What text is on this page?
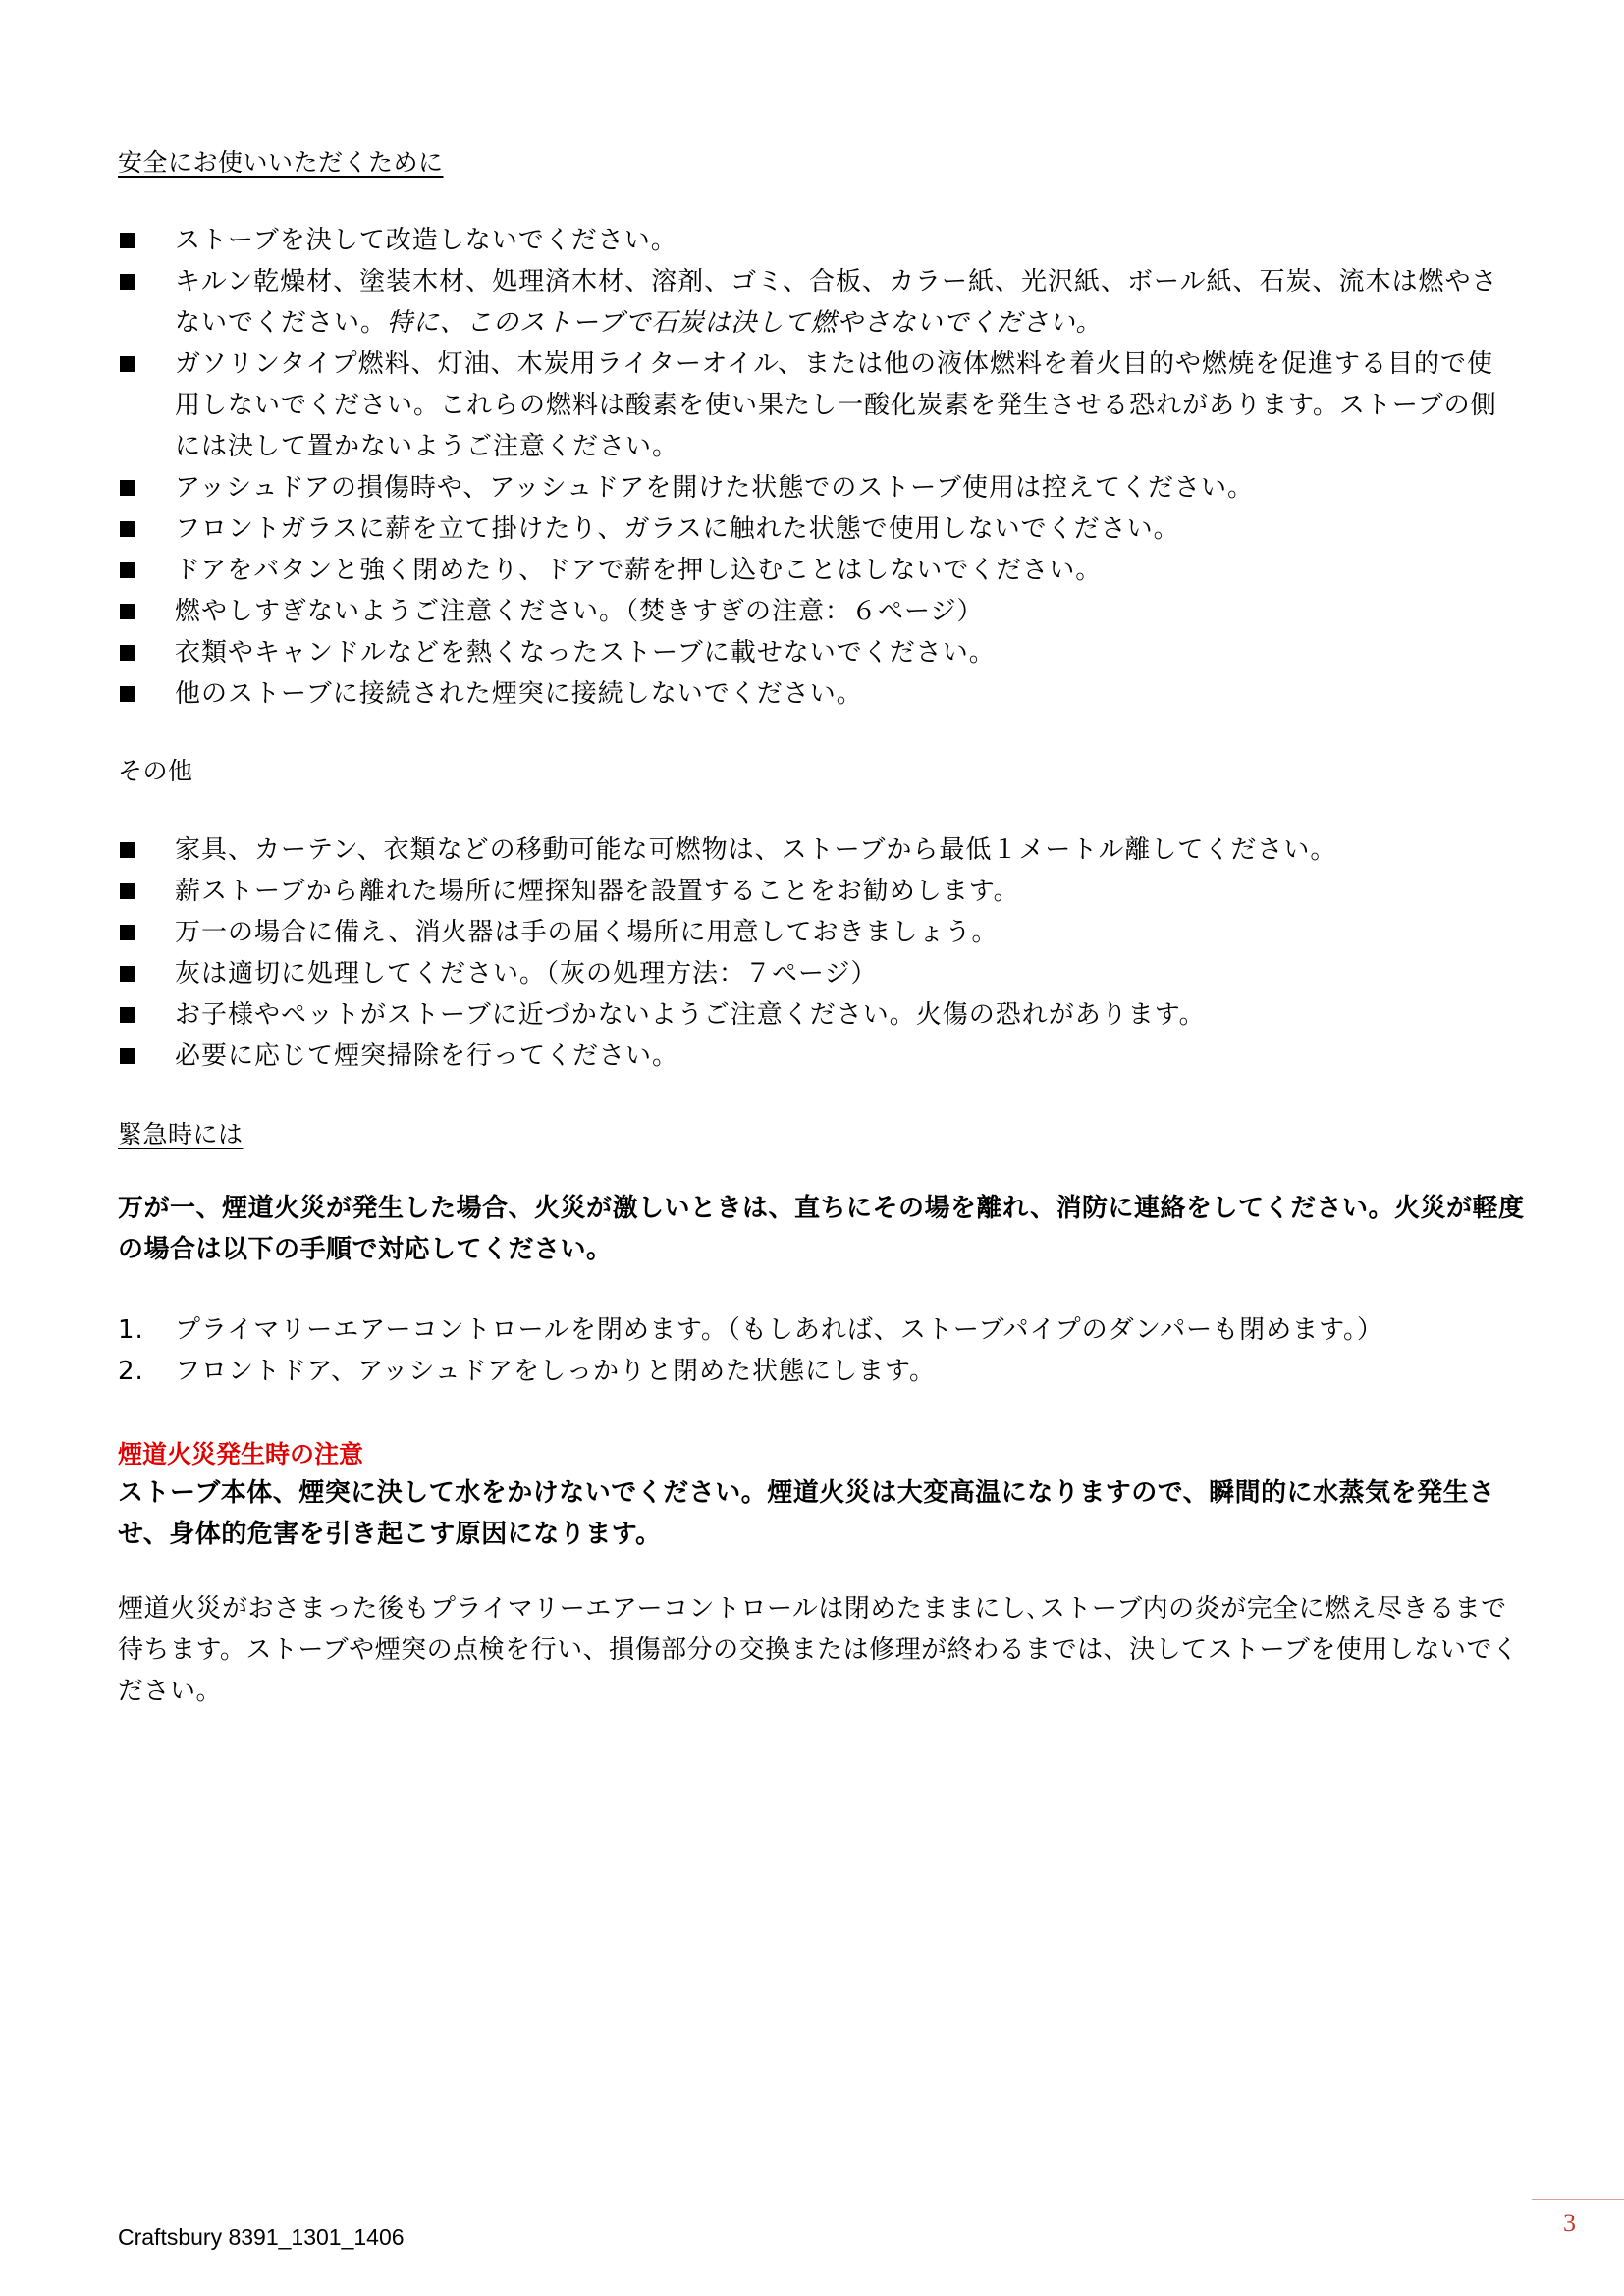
安全にお使いいただくために
ストーブを決して改造しないでください。
キルン乾燥材、塗装木材、処理済木材、溶剤、ゴミ、合板、カラー紙、光沢紙、ボール紙、石炭、流木は燃やさないでください。特に、このストーブで石炭は決して燃やさないでください。
ガソリンタイプ燃料、灯油、木炭用ライターオイル、または他の液体燃料を着火目的や燃焼を促進する目的で使用しないでください。これらの燃料は酸素を使い果たし一酸化炭素を発生させる恐れがあります。ストーブの側には決して置かないようご注意ください。
アッシュドアの損傷時や、アッシュドアを開けた状態でのストーブ使用は控えてください。
フロントガラスに薪を立て掛けたり、ガラスに触れた状態で使用しないでください。
ドアをバタンと強く閉めたり、ドアで薪を押し込むことはしないでください。
燃やしすぎないようご注意ください。（焚きすぎの注意：６ページ）
衣類やキャンドルなどを熱くなったストーブに載せないでください。
他のストーブに接続された煙突に接続しないでください。
その他
家具、カーテン、衣類などの移動可能な可燃物は、ストーブから最低１メートル離してください。
薪ストーブから離れた場所に煙探知器を設置することをお勧めします。
万一の場合に備え、消火器は手の届く場所に用意しておきましょう。
灰は適切に処理してください。（灰の処理方法：７ページ）
お子様やペットがストーブに近づかないようご注意ください。火傷の恐れがあります。
必要に応じて煙突掃除を行ってください。
緊急時には
万が一、煙道火災が発生した場合、火災が激しいときは、直ちにその場を離れ、消防に連絡をしてください。火災が軽度の場合は以下の手順で対応してください。
1. プライマリーエアーコントロールを閉めます。（もしあれば、ストーブパイプのダンパーも閉めます。）
2. フロントドア、アッシュドアをしっかりと閉めた状態にします。
煙道火災発生時の注意
ストーブ本体、煙突に決して水をかけないでください。煙道火災は大変高温になりますので、瞬間的に水蒸気を発生させ、身体的危害を引き起こす原因になります。
煙道火災がおさまった後もプライマリーエアーコントロールは閉めたままにし､ストーブ内の炎が完全に燃え尽きるまで待ちます。ストーブや煙突の点検を行い、損傷部分の交換または修理が終わるまでは、決してストーブを使用しないでください。
3
Craftsbury 8391_1301_1406
